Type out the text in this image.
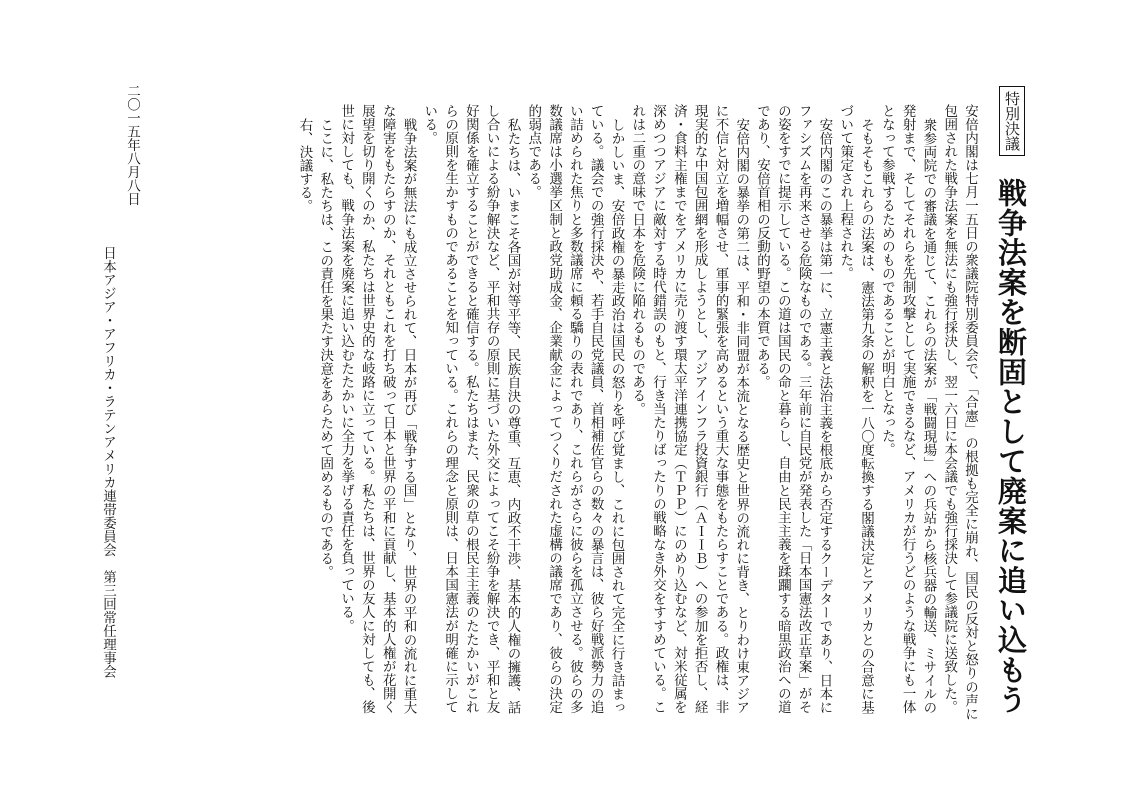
特別決議
戦争法案を断固として廃案に追い込もう

安倍内閣は七月一五日の衆議院特別委員会で、「合憲」の根拠も完全に崩れ、国民の反対と怒りの声に包囲された戦争法案を無法にも強行採決し、翌一六日に本会議でも強行採決して参議院に送致した。

衆参両院での審議を通じて、これらの法案が「戦闘現場」への兵站から核兵器の輸送、ミサイルの発射まで、そしてそれらを先制攻撃として実施できるなど、アメリカが行うどのような戦争にも一体となって参戦するためのものであることが明白となった。

そもそもこれらの法案は、憲法第九条の解釈を一八〇度転換する閣議決定とアメリカとの合意に基づいて策定され上程された。

安倍内閣のこの暴挙は第一に、立憲主義と法治主義を根底から否定するクーデターであり、日本にファシズムを再来させる危険なものである。三年前に自民党が発表した「日本国憲法改正草案」がその姿をすでに提示している。この道は国民の命と暮らし、自由と民主主義を蹂躙する暗黒政治への道であり、安倍首相の反動的野望の本質である。

安倍内閣の暴挙の第二は、平和・非同盟が本流となる歴史と世界の流れに背き、とりわけ東アジアに不信と対立を増幅させ、軍事的緊張を高めるという重大な事態をもたらすことである。政権は、非現実的な中国包囲網を形成しようとし、アジアインフラ投資銀行（ＡＩＩＢ）への参加を拒否し、経済・食料主権までをアメリカに売り渡す環太平洋連携協定（ＴＰＰ）にのめり込むなど、対米従属を深めつつアジアに敵対する時代錯誤のもと、行き当たりばったりの戦略なき外交をすすめている。これは二重の意味で日本を危険に陥れるものである。

しかしいま、安倍政権の暴走政治は国民の怒りを呼び覚まし、これに包囲されて完全に行き詰まっている。議会での強行採決や、若手自民党議員、首相補佐官らの数々の暴言は、彼ら好戦派勢力の追い詰められた焦りと多数議席に頼る驕りの表れであり、これらがさらに彼らを孤立させる。彼らの多数議席は小選挙区制と政党助成金、企業献金によってつくりだされた虚構の議席であり、彼らの決定的弱点である。

私たちは、いまこそ各国が対等平等、民族自決の尊重、互恵、内政不干渉、基本的人権の擁護、話し合いによる紛争解決など、平和共存の原則に基づいた外交によってこそ紛争を解決でき、平和と友好関係を確立することができると確信する。私たちはまた、民衆の草の根民主主義のたたかいがこれらの原則を生かすものであることを知っている。これらの理念と原則は、日本国憲法が明確に示している。

戦争法案が無法にも成立させられて、日本が再び「戦争する国」となり、世界の平和の流れに重大な障害をもたらすのか、それともこれを打ち破って日本と世界の平和に貢献し、基本的人権が花開く展望を切り開くのか、私たちは世界史的な岐路に立っている。私たちは、世界の友人に対しても、後世に対しても、戦争法案を廃案に追い込むたたかいに全力を挙げる責任を負っている。

ここに、私たちは、この責任を果たす決意をあらためて固めるものである。

右、決議する。

二〇一五年八月八日
日本アジア・アフリカ・ラテンアメリカ連帯委員会　第三回常任理事会
